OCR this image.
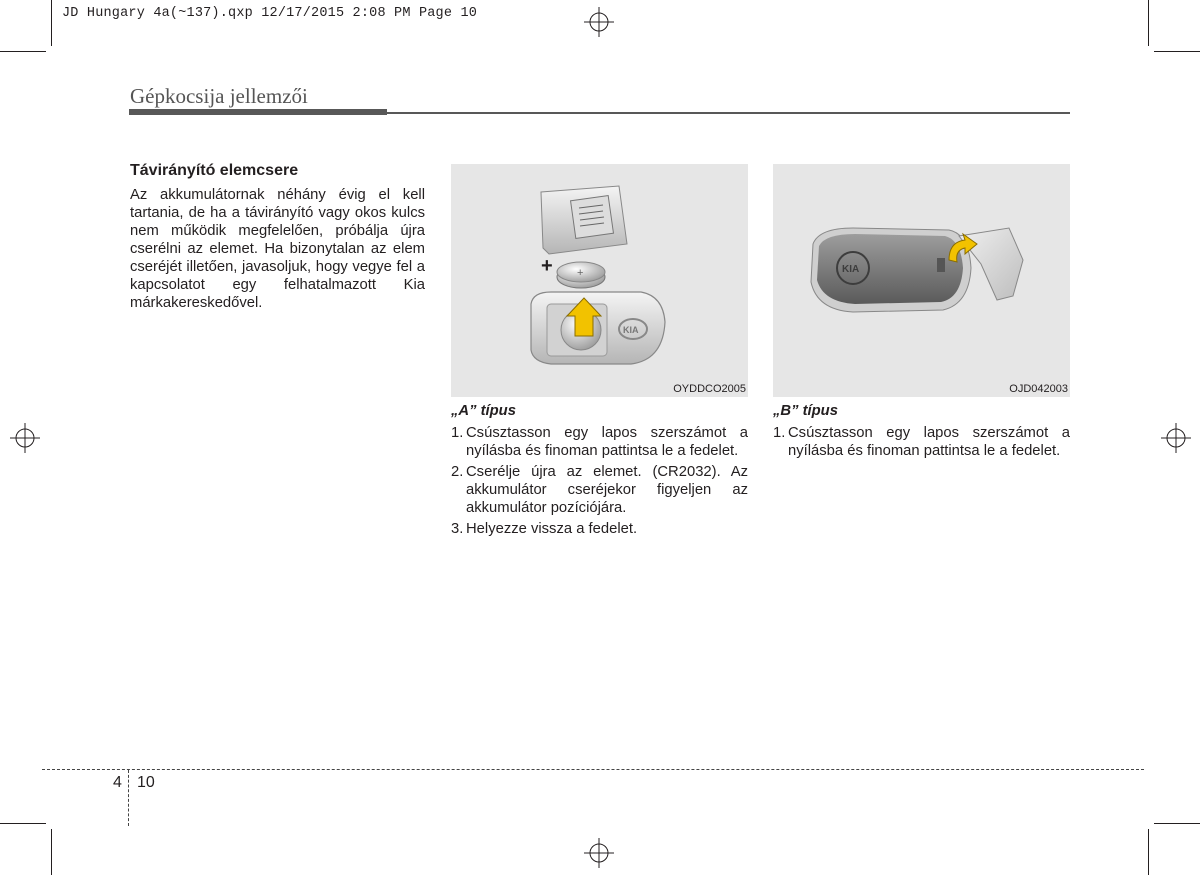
JD Hungary 4a(~137).qxp 12/17/2015 2:08 PM Page 10
Gépkocsija jellemzői
Távirányító elemcsere
Az akkumulátornak néhány évig el kell tartania, de ha a távirányító vagy okos kulcs nem működik megfelelően, próbálja újra cserélni az elemet. Ha bizonytalan az elem cseréjét illetően, javasoljuk, hogy vegye fel a kapcsolatot egy felhatalmazott Kia márkakereskedővel.
+ +
KIA
OYDDCO2005
KIA
OJD042003
„A” típus	„B” típus
1. Csúsztasson egy lapos szerszámot a nyílásba és finoman pattintsa le a fedelet.
2. Cserélje újra az elemet. (CR2032). Az akkumulátor cseréjekor figyeljen az akkumulátor pozíciójára.
3. Helyezze vissza a fedelet.
1. Csúsztasson egy lapos szerszámot a nyílásba és finoman pattintsa le a fedelet.
4 10
